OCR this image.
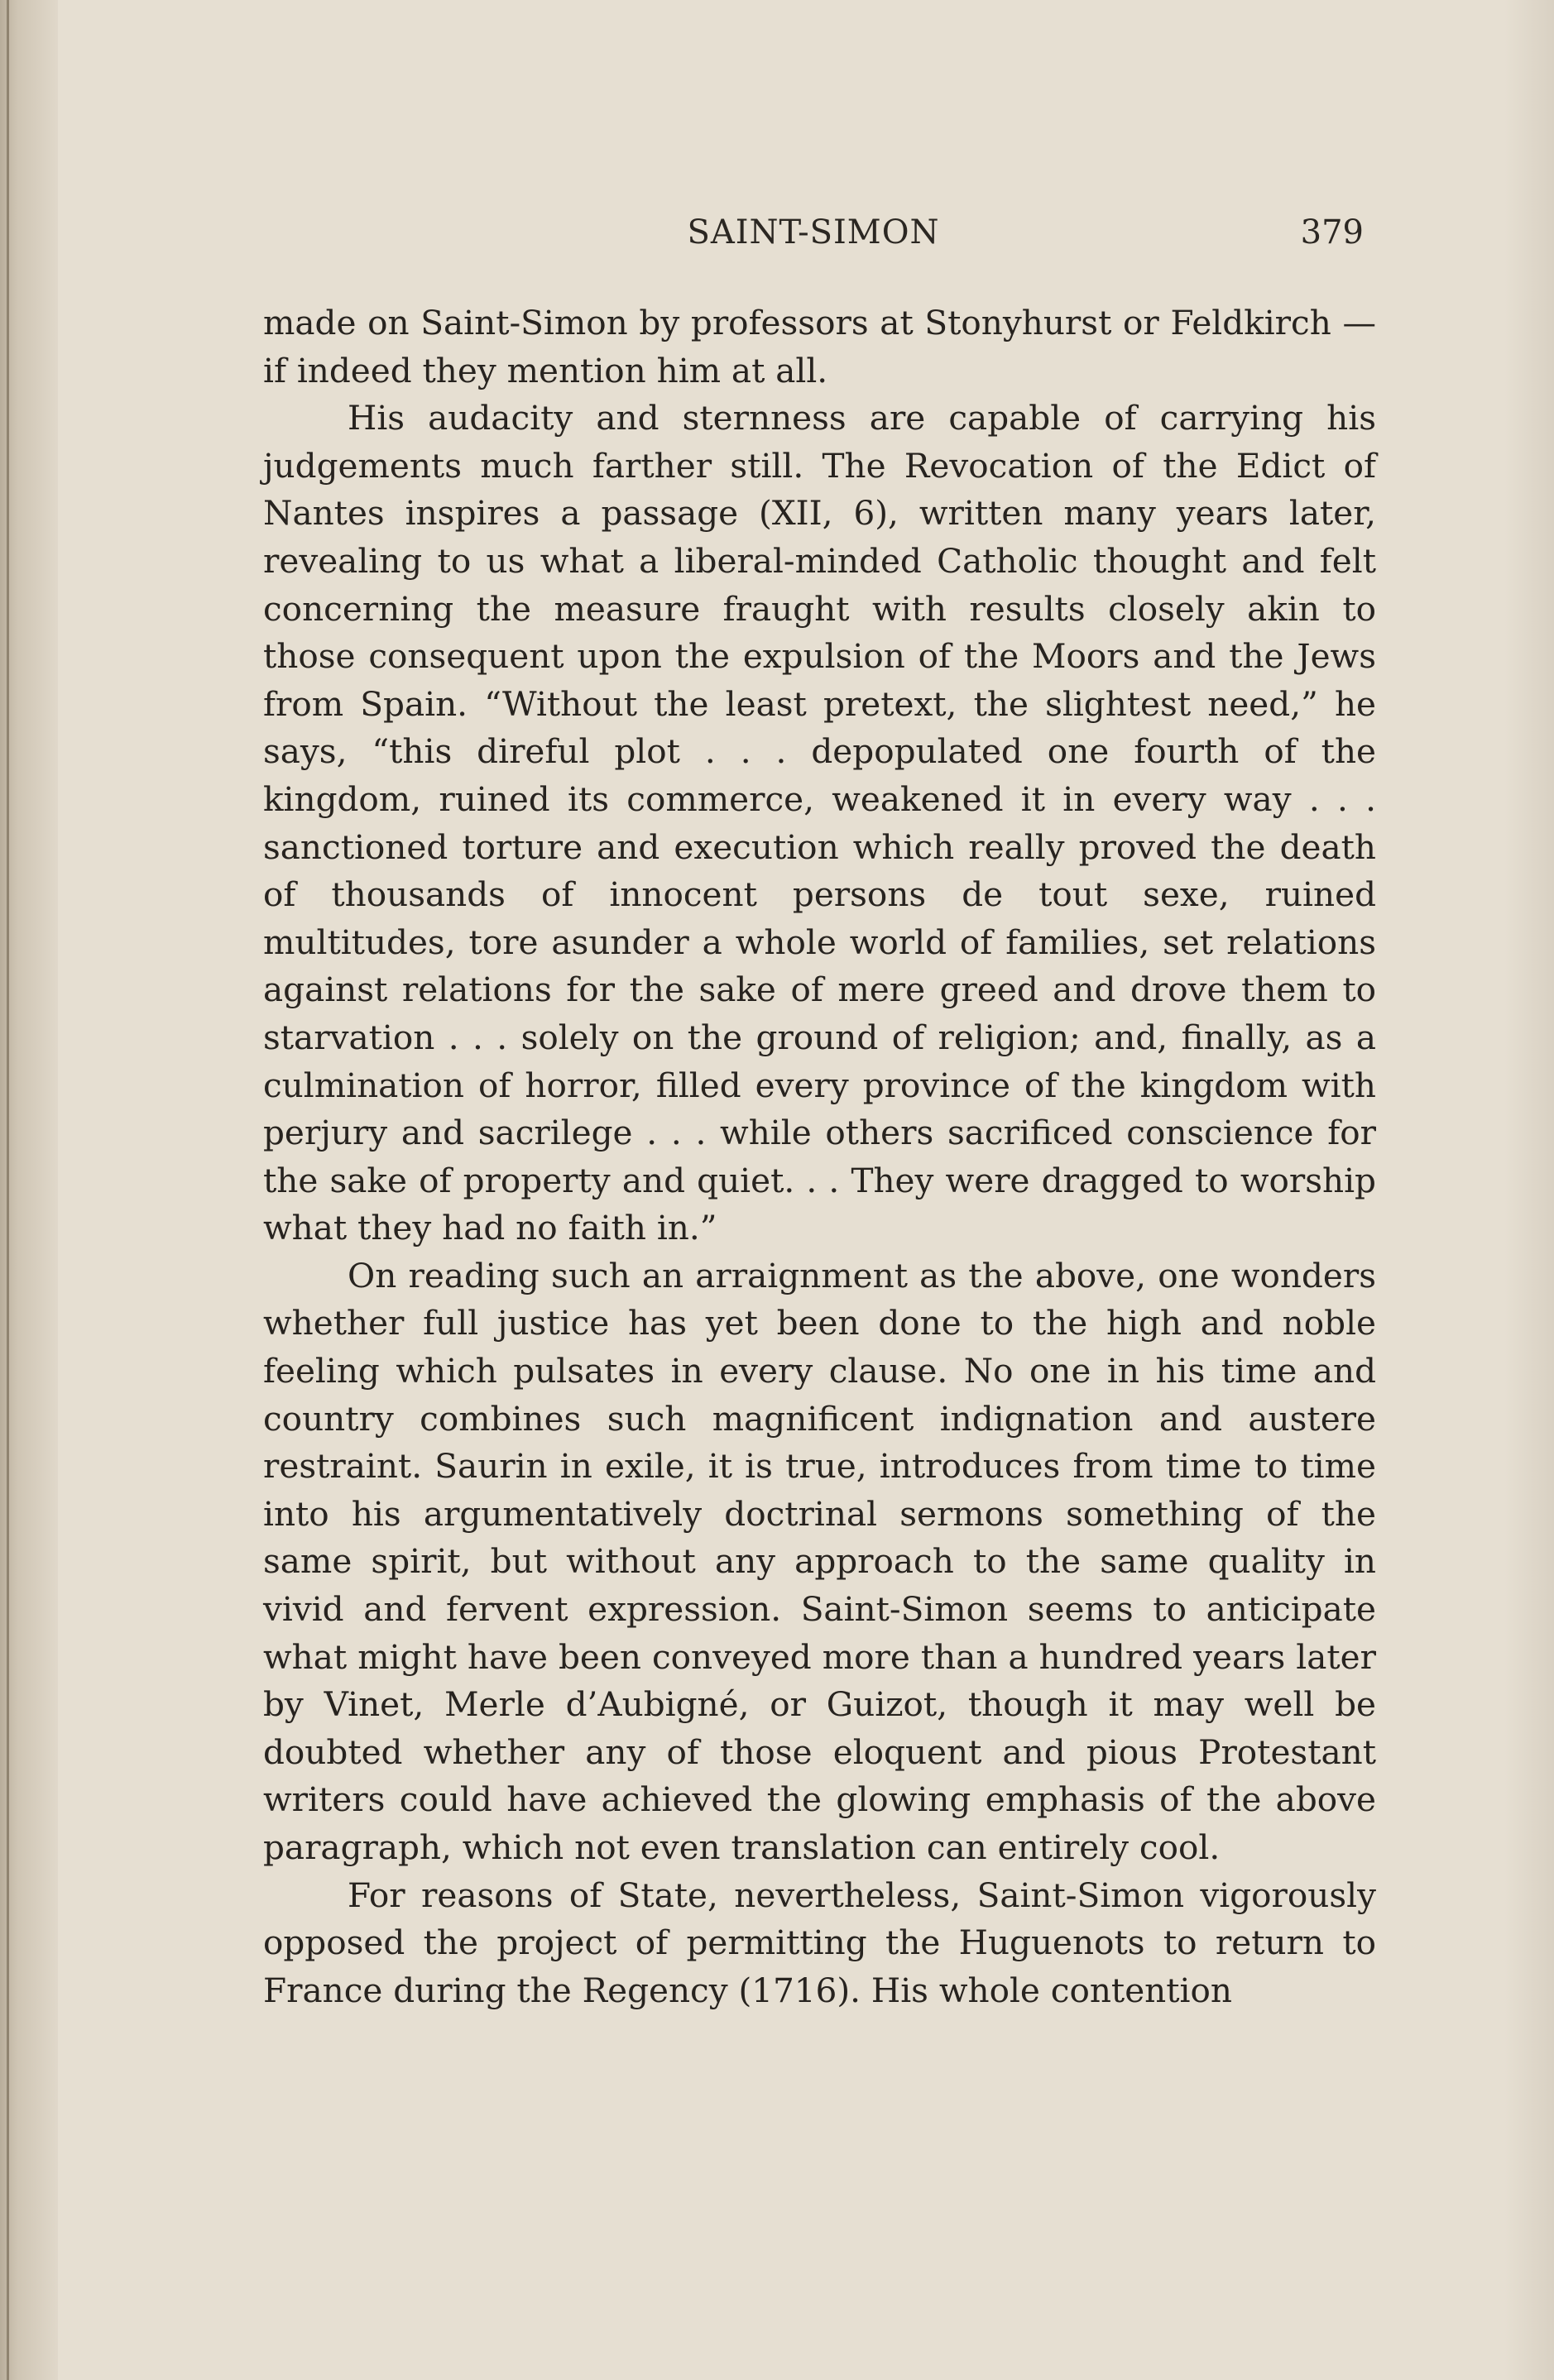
SAINT-SIMON	379

made on Saint-Simon by professors at Stonyhurst or Feldkirch —if indeed they mention him at all.

His audacity and sternness are capable of carrying his judgements much farther still. The Revocation of the Edict of Nantes inspires a passage (XII, 6), written many years later, revealing to us what a liberal-minded Catholic thought and felt concerning the measure fraught with results closely akin to those consequent upon the expulsion of the Moors and the Jews from Spain. “Without the least pretext, the slightest need,” he says, “this direful plot . . . depopulated one fourth of the kingdom, ruined its commerce, weakened it in every way . . . sanctioned torture and execution which really proved the death of thousands of innocent persons de tout sexe, ruined multitudes, tore asunder a whole world of families, set relations against relations for the sake of mere greed and drove them to starvation . . . solely on the ground of religion; and, finally, as a culmination of horror, filled every province of the kingdom with perjury and sacrilege . . . while others sacrificed conscience for the sake of property and quiet. . . They were dragged to worship what they had no faith in.”

On reading such an arraignment as the above, one wonders whether full justice has yet been done to the high and noble feeling which pulsates in every clause. No one in his time and country combines such magnificent indignation and austere restraint. Saurin in exile, it is true, introduces from time to time into his argumentatively doctrinal sermons something of the same spirit, but without any approach to the same quality in vivid and fervent expression. Saint-Simon seems to anticipate what might have been conveyed more than a hundred years later by Vinet, Merle d’Aubigné, or Guizot, though it may well be doubted whether any of those eloquent and pious Protestant writers could have achieved the glowing emphasis of the above paragraph, which not even translation can entirely cool.

For reasons of State, nevertheless, Saint-Simon vigorously opposed the project of permitting the Huguenots to return to France during the Regency (1716). His whole contention
